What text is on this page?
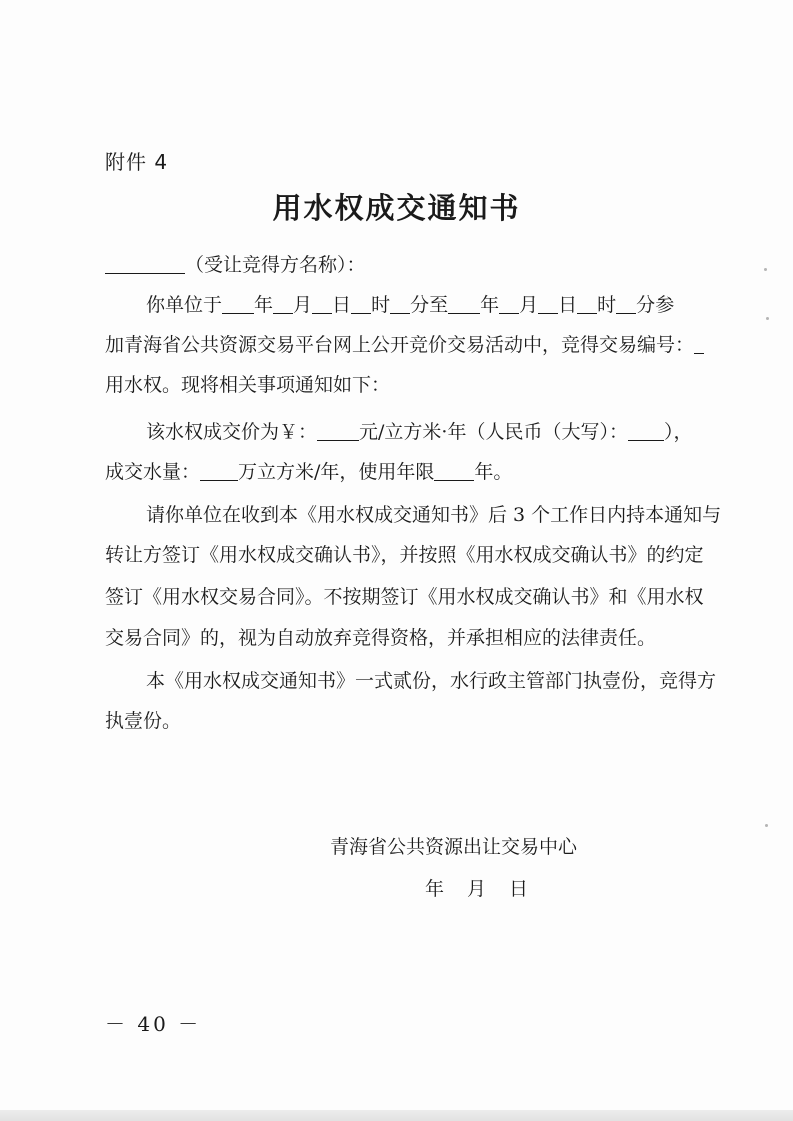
附件 4
用水权成交通知书
（受让竞得方名称）：
你单位于 年 月 日 时 分至 年 月 日 时 分参
加青海省公共资源交易平台网上公开竞价交易活动中，竞得交易编号：
用水权。现将相关事项通知如下：
该水权成交价为￥： 元/立方米·年（人民币（大写）： ），
成交水量： 万立方米/年，使用年限 年。
请你单位在收到本《用水权成交通知书》后 3 个工作日内持本通知与
转让方签订《用水权成交确认书》，并按照《用水权成交确认书》的约定
签订《用水权交易合同》。不按期签订《用水权成交确认书》和《用水权
交易合同》的，视为自动放弃竞得资格，并承担相应的法律责任。
本《用水权成交通知书》一式贰份，水行政主管部门执壹份，竞得方
执壹份。
青海省公共资源出让交易中心
年　月　日
－ 40 －
